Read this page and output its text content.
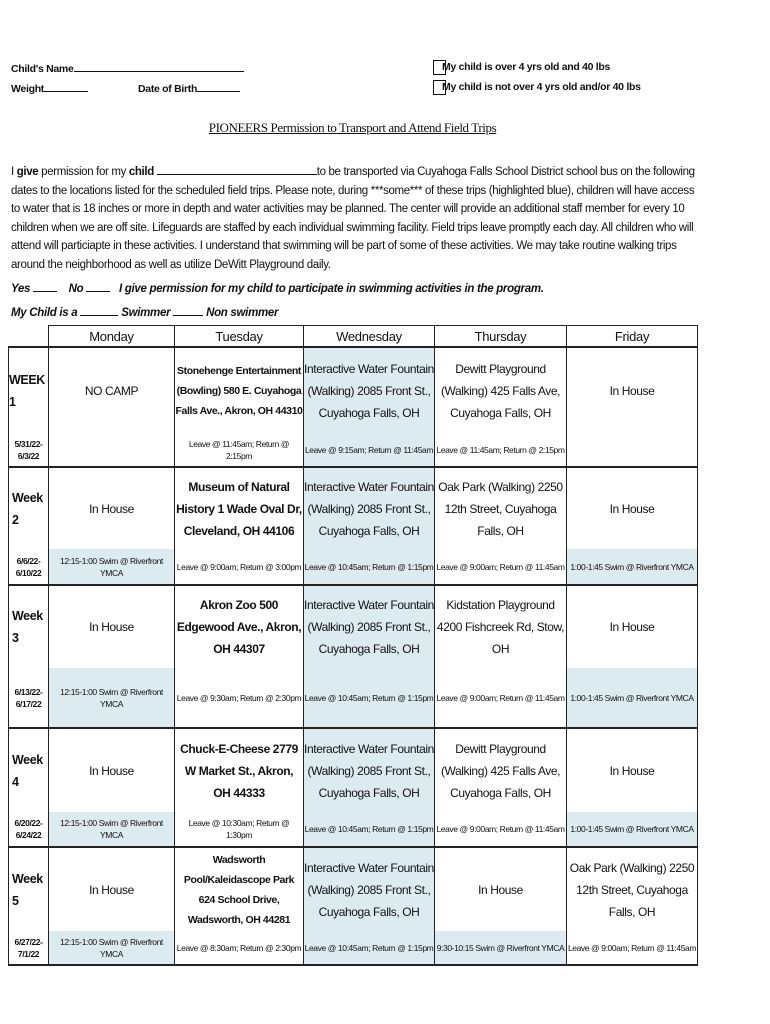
Child's Name
Weight	Date of Birth
My child is over 4 yrs old and 40 lbs
My child is not over 4 yrs old and/or 40 lbs
PIONEERS Permission to Transport and Attend Field Trips
I give permission for my child	to be transported via Cuyahoga Falls School District school bus on the following dates to the locations listed for the scheduled field trips. Please note, during ***some*** of these trips (highlighted blue), children will have access to water that is 18 inches or more in depth and water activities may be planned. The center will provide an additional staff member for every 10 children when we are off site. Lifeguards are staffed by each individual swimming facility. Field trips leave promptly each day. All children who will attend will particiapte in these activities. I understand that swimming will be part of some of these activities. We may take routine walking trips around the neighborhood as well as utilize DeWitt Playground daily.
Yes	No	I give permission for my child to participate in swimming activities in the program.
My Child is a	Swimmer	Non swimmer
	Monday	Tuesday	Wednesday	Thursday	Friday
WEEK 1	NO CAMP	Stonehenge Entertainment (Bowling) 580 E. Cuyahoga Falls Ave., Akron, OH 44310	Interactive Water Fountain (Walking) 2085 Front St., Cuyahoga Falls, OH	Dewitt Playground (Walking) 425 Falls Ave, Cuyahoga Falls, OH	In House
5/31/22-
6/3/22		Leave @ 11:45am; Return @ 2:15pm	Leave @ 9:15am; Return @ 11:45am	Leave @ 11:45am; Return @ 2:15pm	
Week 2	In House	Museum of Natural History 1 Wade Oval Dr, Cleveland, OH 44106	Interactive Water Fountain (Walking) 2085 Front St., Cuyahoga Falls, OH	Oak Park (Walking) 2250 12th Street, Cuyahoga Falls, OH	In House
6/6/22-
6/10/22	12:15-1:00 Swim @ Riverfront YMCA	Leave @ 9:00am; Return @ 3:00pm	Leave @ 10:45am; Return @ 1:15pm	Leave @ 9:00am; Return @ 11:45am	1:00-1:45 Swim @ Riverfront YMCA
Week 3	In House	Akron Zoo 500 Edgewood Ave., Akron, OH 44307	Interactive Water Fountain (Walking) 2085 Front St., Cuyahoga Falls, OH	Kidstation Playground 4200 Fishcreek Rd, Stow, OH	In House
6/13/22-
6/17/22	12:15-1:00 Swim @ Riverfront YMCA	Leave @ 9:30am; Return @ 2:30pm	Leave @ 10:45am; Return @ 1:15pm	Leave @ 9:00am; Return @ 11:45am	1:00-1:45 Swim @ Riverfront YMCA
Week 4	In House	Chuck-E-Cheese 2779 W Market St., Akron, OH 44333	Interactive Water Fountain (Walking) 2085 Front St., Cuyahoga Falls, OH	Dewitt Playground (Walking) 425 Falls Ave, Cuyahoga Falls, OH	In House
6/20/22-
6/24/22	12:15-1:00 Swim @ Riverfront YMCA	Leave @ 10:30am; Return @ 1:30pm	Leave @ 10:45am; Return @ 1:15pm	Leave @ 9:00am; Return @ 11:45am	1:00-1:45 Swim @ Riverfront YMCA
Week 5	In House	Wadsworth Pool/Kaleidascope Park 624 School Drive, Wadsworth, OH 44281	Interactive Water Fountain (Walking) 2085 Front St., Cuyahoga Falls, OH	In House	Oak Park (Walking) 2250 12th Street, Cuyahoga Falls, OH
6/27/22-
7/1/22	12:15-1:00 Swim @ Riverfront YMCA	Leave @ 8:30am; Return @ 2:30pm	Leave @ 10:45am; Return @ 1:15pm	9:30-10:15 Swim @ Riverfront YMCA	Leave @ 9:00am; Return @ 11:45am
